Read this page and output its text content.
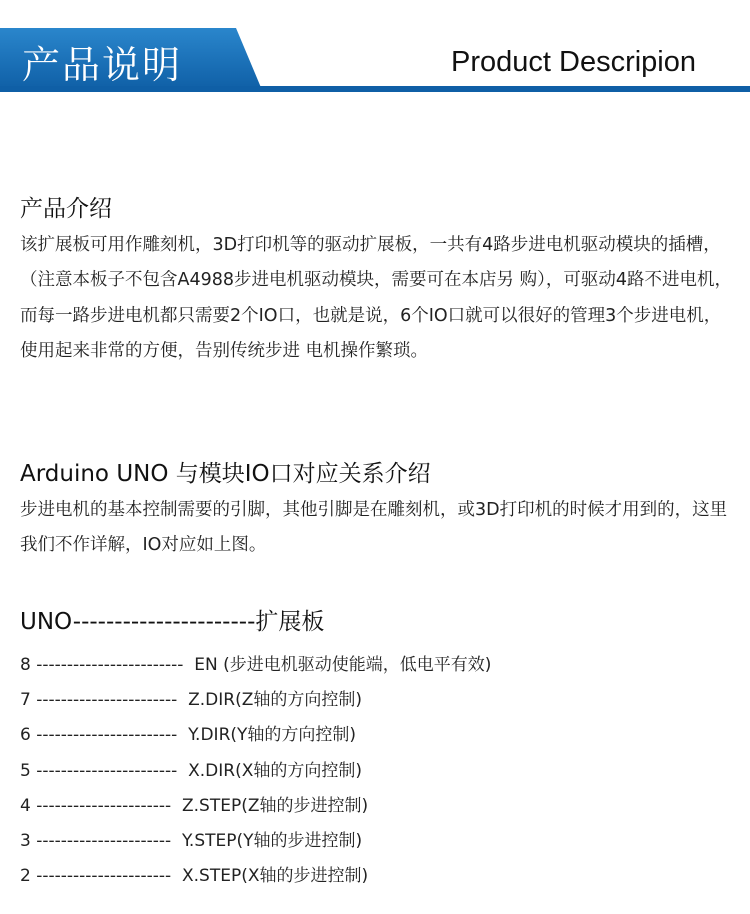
产品说明	Product Descripion
产品介绍
该扩展板可用作雕刻机，3D打印机等的驱动扩展板，一共有4路步进电机驱动模块的插槽，（注意本板子不包含A4988步进电机驱动模块，需要可在本店另 购），可驱动4路不进电机，而每一路步进电机都只需要2个IO口，也就是说，6个IO口就可以很好的管理3个步进电机，使用起来非常的方便，告别传统步进 电机操作繁琐。
Arduino UNO 与模块IO口对应关系介绍
步进电机的基本控制需要的引脚，其他引脚是在雕刻机，或3D打印机的时候才用到的，这里我们不作详解，IO对应如上图。
UNO----------------------扩展板
8 ------------------------  EN (步进电机驱动使能端，低电平有效)
7 -----------------------  Z.DIR(Z轴的方向控制)
6 -----------------------  Y.DIR(Y轴的方向控制)
5 -----------------------  X.DIR(X轴的方向控制)
4 ----------------------  Z.STEP(Z轴的步进控制)
3 ----------------------  Y.STEP(Y轴的步进控制)
2 ----------------------  X.STEP(X轴的步进控制)
